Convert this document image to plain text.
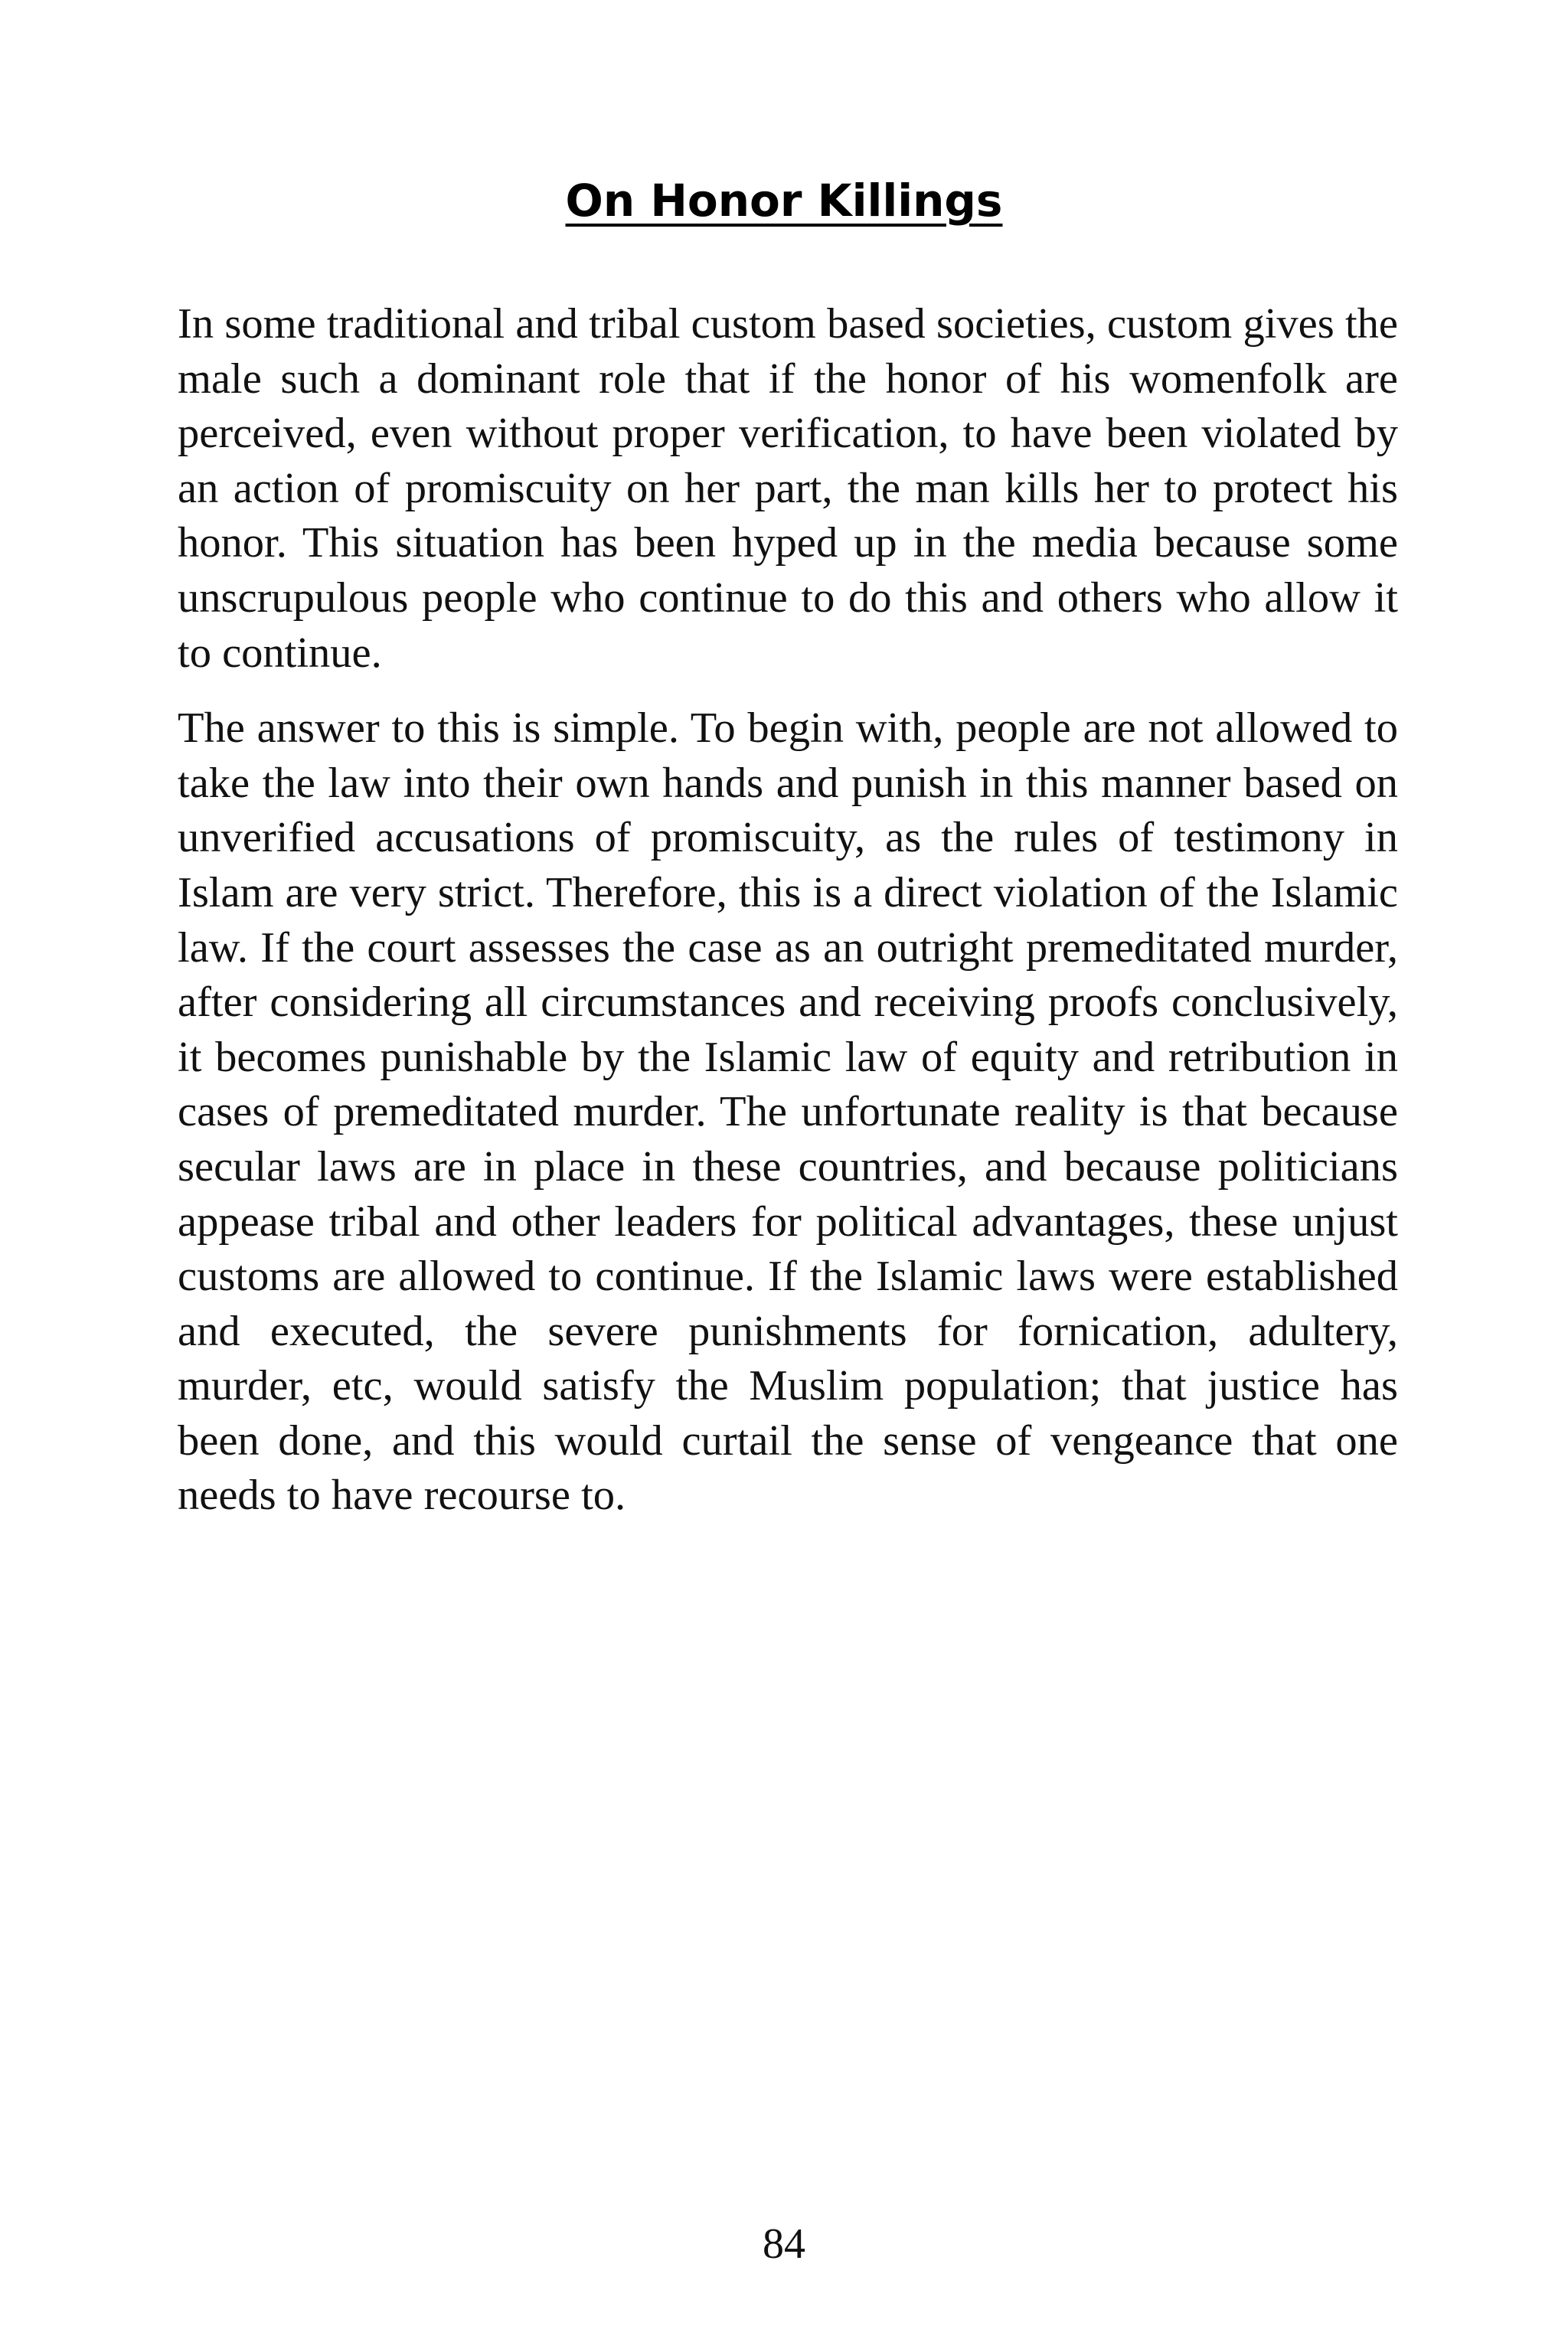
On Honor Killings

In some traditional and tribal custom based societies, custom gives the male such a dominant role that if the honor of his womenfolk are perceived, even without proper verification, to have been violated by an action of promiscuity on her part, the man kills her to protect his honor. This situation has been hyped up in the media because some unscrupulous people who continue to do this and others who allow it to continue.

The answer to this is simple. To begin with, people are not allowed to take the law into their own hands and punish in this manner based on unverified accusations of promiscuity, as the rules of testimony in Islam are very strict. Therefore, this is a direct violation of the Islamic law. If the court assesses the case as an outright premeditated murder, after considering all circumstances and receiving proofs conclusively, it becomes punishable by the Islamic law of equity and retribution in cases of premeditated murder. The unfortunate reality is that because secular laws are in place in these countries, and because politicians appease tribal and other leaders for political advantages, these unjust customs are allowed to continue. If the Islamic laws were established and executed, the severe punishments for fornication, adultery, murder, etc, would satisfy the Muslim population; that justice has been done, and this would curtail the sense of vengeance that one needs to have recourse to.

84
